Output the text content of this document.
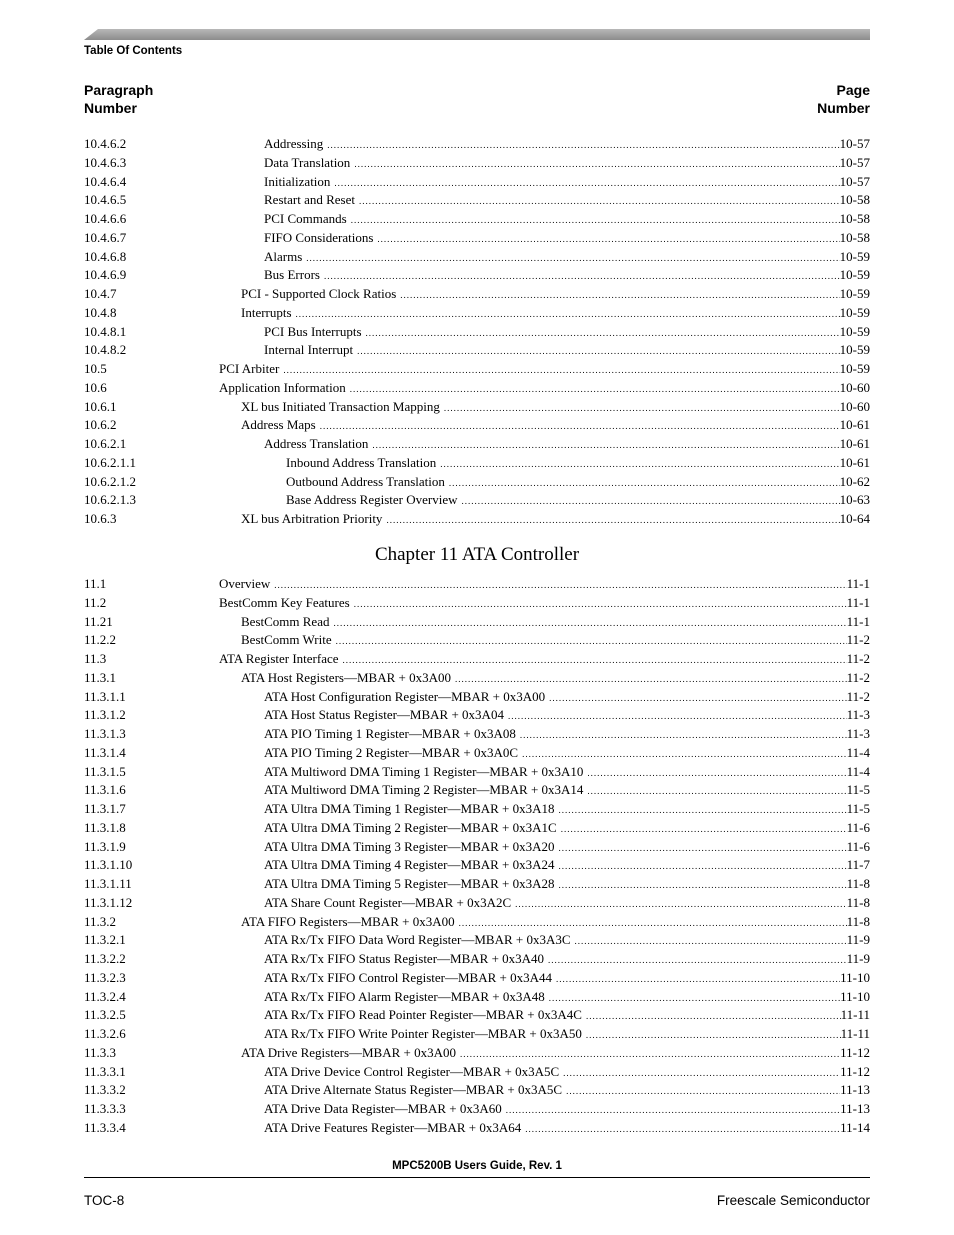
Table Of Contents
Paragraph
Number
Page
Number
10.4.6.2	Addressing .....	10-57
10.4.6.3	Data Translation .....	10-57
10.4.6.4	Initialization .....	10-57
10.4.6.5	Restart and Reset .....	10-58
10.4.6.6	PCI Commands .....	10-58
10.4.6.7	FIFO Considerations .....	10-58
10.4.6.8	Alarms .....	10-59
10.4.6.9	Bus Errors .....	10-59
10.4.7	PCI - Supported Clock Ratios .....	10-59
10.4.8	Interrupts .....	10-59
10.4.8.1	PCI Bus Interrupts .....	10-59
10.4.8.2	Internal Interrupt .....	10-59
10.5	PCI Arbiter .....	10-59
10.6	Application Information .....	10-60
10.6.1	XL bus Initiated Transaction Mapping .....	10-60
10.6.2	Address Maps .....	10-61
10.6.2.1	Address Translation .....	10-61
10.6.2.1.1	Inbound Address Translation .....	10-61
10.6.2.1.2	Outbound Address Translation .....	10-62
10.6.2.1.3	Base Address Register Overview .....	10-63
10.6.3	XL bus Arbitration Priority .....	10-64
Chapter 11 ATA Controller
11.1	Overview .....	11-1
11.2	BestComm Key Features .....	11-1
11.21	BestComm Read .....	11-1
11.2.2	BestComm Write .....	11-2
11.3	ATA Register Interface .....	11-2
11.3.1	ATA Host Registers—MBAR + 0x3A00 .....	11-2
11.3.1.1	ATA Host Configuration Register—MBAR + 0x3A00 .....	11-2
11.3.1.2	ATA Host Status Register—MBAR + 0x3A04 .....	11-3
11.3.1.3	ATA PIO Timing 1 Register—MBAR + 0x3A08 .....	11-3
11.3.1.4	ATA PIO Timing 2 Register—MBAR + 0x3A0C .....	11-4
11.3.1.5	ATA Multiword DMA Timing 1 Register—MBAR + 0x3A10 .....	11-4
11.3.1.6	ATA Multiword DMA Timing 2 Register—MBAR + 0x3A14 .....	11-5
11.3.1.7	ATA Ultra DMA Timing 1 Register—MBAR + 0x3A18 .....	11-5
11.3.1.8	ATA Ultra DMA Timing 2 Register—MBAR + 0x3A1C .....	11-6
11.3.1.9	ATA Ultra DMA Timing 3 Register—MBAR + 0x3A20 .....	11-6
11.3.1.10	ATA Ultra DMA Timing 4 Register—MBAR + 0x3A24 .....	11-7
11.3.1.11	ATA Ultra DMA Timing 5 Register—MBAR + 0x3A28 .....	11-8
11.3.1.12	ATA Share Count Register—MBAR + 0x3A2C .....	11-8
11.3.2	ATA FIFO Registers—MBAR + 0x3A00 .....	11-8
11.3.2.1	ATA Rx/Tx FIFO Data Word Register—MBAR + 0x3A3C .....	11-9
11.3.2.2	ATA Rx/Tx FIFO Status Register—MBAR + 0x3A40 .....	11-9
11.3.2.3	ATA Rx/Tx FIFO Control Register—MBAR + 0x3A44 .....	11-10
11.3.2.4	ATA Rx/Tx FIFO Alarm Register—MBAR + 0x3A48 .....	11-10
11.3.2.5	ATA Rx/Tx FIFO Read Pointer Register—MBAR + 0x3A4C .....	11-11
11.3.2.6	ATA Rx/Tx FIFO Write Pointer Register—MBAR + 0x3A50 .....	11-11
11.3.3	ATA Drive Registers—MBAR + 0x3A00 .....	11-12
11.3.3.1	ATA Drive Device Control Register—MBAR + 0x3A5C .....	11-12
11.3.3.2	ATA Drive Alternate Status Register—MBAR + 0x3A5C .....	11-13
11.3.3.3	ATA Drive Data Register—MBAR + 0x3A60 .....	11-13
11.3.3.4	ATA Drive Features Register—MBAR + 0x3A64 .....	11-14
MPC5200B Users Guide, Rev. 1
TOC-8	Freescale Semiconductor
